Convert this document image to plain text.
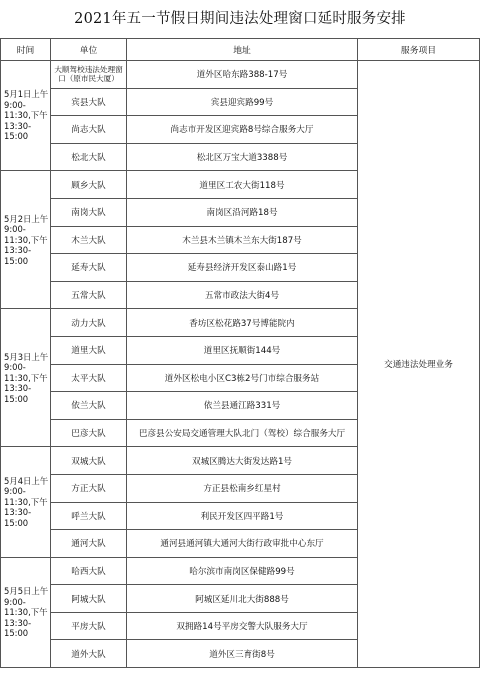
2021年五一节假日期间违法处理窗口延时服务安排
时间	单位	地址	服务项目
5月1日上午9:00-11:30,下午13:30-15:00	大顺驾校违法处理窗口（原市民大厦）	道外区哈东路388-17号	交通违法处理业务
	宾县大队	宾县迎宾路99号	
	尚志大队	尚志市开发区迎宾路8号综合服务大厅	
	松北大队	松北区万宝大道3388号	
5月2日上午9:00-11:30,下午13:30-15:00	顾乡大队	道里区工农大街118号	
	南岗大队	南岗区沿河路18号	
	木兰大队	木兰县木兰镇木兰东大街187号	
	延寿大队	延寿县经济开发区泰山路1号	
	五常大队	五常市政法大街4号	
5月3日上午9:00-11:30,下午13:30-15:00	动力大队	香坊区松花路37号博能院内	
	道里大队	道里区抚顺街144号	
	太平大队	道外区松电小区C3栋2号门市综合服务站	
	依兰大队	依兰县通江路331号	
	巴彦大队	巴彦县公安局交通管理大队北门（驾校）综合服务大厅	
5月4日上午9:00-11:30,下午13:30-15:00	双城大队	双城区腾达大街发达路1号	
	方正大队	方正县松南乡红星村	
	呼兰大队	利民开发区四平路1号	
	通河大队	通河县通河镇大通河大街行政审批中心东厅	
5月5日上午9:00-11:30,下午13:30-15:00	哈西大队	哈尔滨市南岗区保健路99号	
	阿城大队	阿城区延川北大街888号	
	平房大队	双拥路14号平房交警大队服务大厅	
	道外大队	道外区三育街8号	
